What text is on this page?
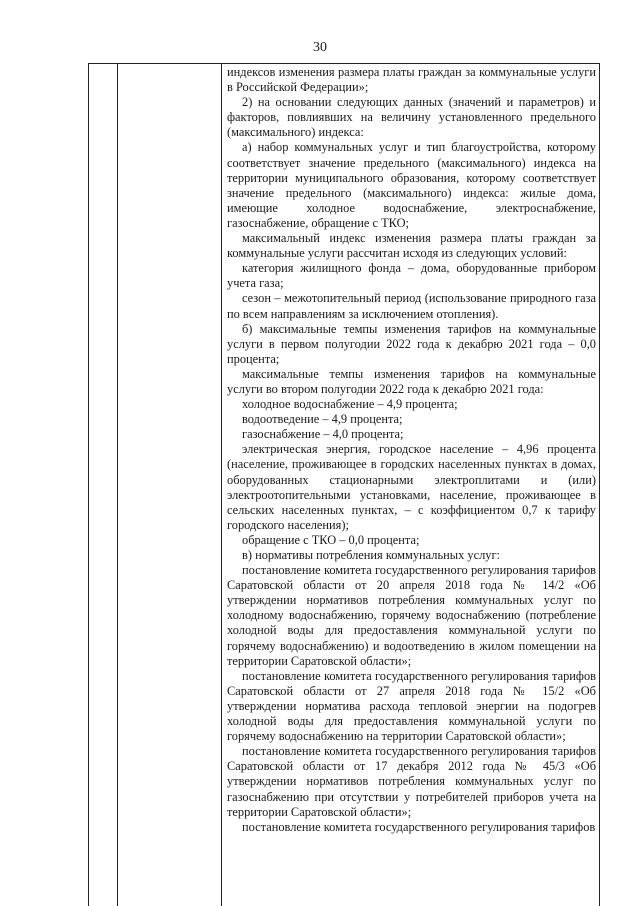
30

индексов изменения размера платы граждан за коммунальные услуги в Российской Федерации»;

2) на основании следующих данных (значений и параметров) и факторов, повлиявших на величину установленного предельного (максимального) индекса:

а) набор коммунальных услуг и тип благоустройства, которому соответствует значение предельного (максимального) индекса на территории муниципального образования, которому соответствует значение предельного (максимального) индекса: жилые дома, имеющие холодное водоснабжение, электроснабжение, газоснабжение, обращение с ТКО;

максимальный индекс изменения размера платы граждан за коммунальные услуги рассчитан исходя из следующих условий:

категория жилищного фонда – дома, оборудованные прибором учета газа;

сезон – межотопительный период (использование природного газа по всем направлениям за исключением отопления).

б) максимальные темпы изменения тарифов на коммунальные услуги в первом полугодии 2022 года к декабрю 2021 года – 0,0 процента;

максимальные темпы изменения тарифов на коммунальные услуги во втором полугодии 2022 года к декабрю 2021 года:

холодное водоснабжение – 4,9 процента;

водоотведение – 4,9 процента;

газоснабжение – 4,0 процента;

электрическая энергия, городское население – 4,96 процента (население, проживающее в городских населенных пунктах в домах, оборудованных стационарными электроплитами и (или) электроотопительными установками, население, проживающее в сельских населенных пунктах, – с коэффициентом 0,7 к тарифу городского населения);

обращение с ТКО – 0,0 процента;

в) нормативы потребления коммунальных услуг:

постановление комитета государственного регулирования тарифов Саратовской области от 20 апреля 2018 года № 14/2 «Об утверждении нормативов потребления коммунальных услуг по холодному водоснабжению, горячему водоснабжению (потребление холодной воды для предоставления коммунальной услуги по горячему водоснабжению) и водоотведению в жилом помещении на территории Саратовской области»;

постановление комитета государственного регулирования тарифов Саратовской области от 27 апреля 2018 года № 15/2 «Об утверждении норматива расхода тепловой энергии на подогрев холодной воды для предоставления коммунальной услуги по горячему водоснабжению на территории Саратовской области»;

постановление комитета государственного регулирования тарифов Саратовской области от 17 декабря 2012 года № 45/3 «Об утверждении нормативов потребления коммунальных услуг по газоснабжению при отсутствии у потребителей приборов учета на территории Саратовской области»;

постановление комитета государственного регулирования тарифов
